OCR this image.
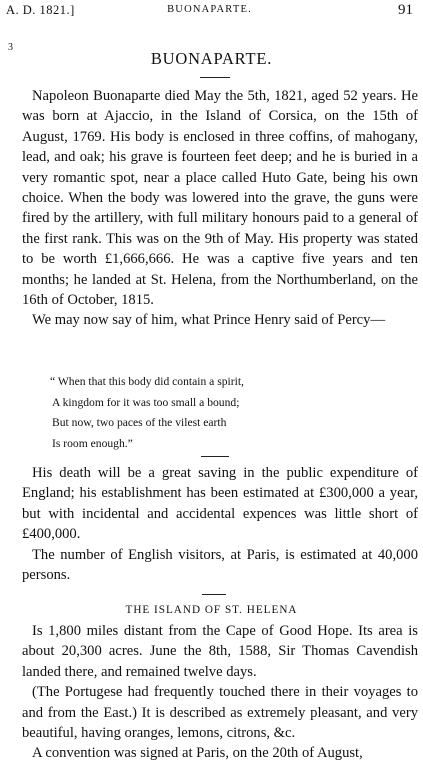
A. D. 1821.]	BUONAPARTE.	91
3
BUONAPARTE.

Napoleon Buonaparte died May the 5th, 1821, aged 52 years. He was born at Ajaccio, in the Island of Corsica, on the 15th of August, 1769. His body is enclosed in three coffins, of mahogany, lead, and oak; his grave is fourteen feet deep; and he is buried in a very romantic spot, near a place called Huto Gate, being his own choice. When the body was lowered into the grave, the guns were fired by the artillery, with full military honours paid to a general of the first rank. This was on the 9th of May. His property was stated to be worth £1,666,666. He was a captive five years and ten months; he landed at St. Helena, from the Northumberland, on the 16th of October, 1815.

We may now say of him, what Prince Henry said of Percy—

“ When that this body did contain a spirit,
A kingdom for it was too small a bound;
But now, two paces of the vilest earth
Is room enough.”

His death will be a great saving in the public expenditure of England; his establishment has been estimated at £300,000 a year, but with incidental and accidental expences was little short of £400,000.

The number of English visitors, at Paris, is estimated at 40,000 persons.

THE ISLAND OF ST. HELENA

Is 1,800 miles distant from the Cape of Good Hope. Its area is about 20,300 acres. June the 8th, 1588, Sir Thomas Cavendish landed there, and remained twelve days.

(The Portugese had frequently touched there in their voyages to and from the East.) It is described as extremely pleasant, and very beautiful, having oranges, lemons, citrons, &c.

A convention was signed at Paris, on the 20th of August,
